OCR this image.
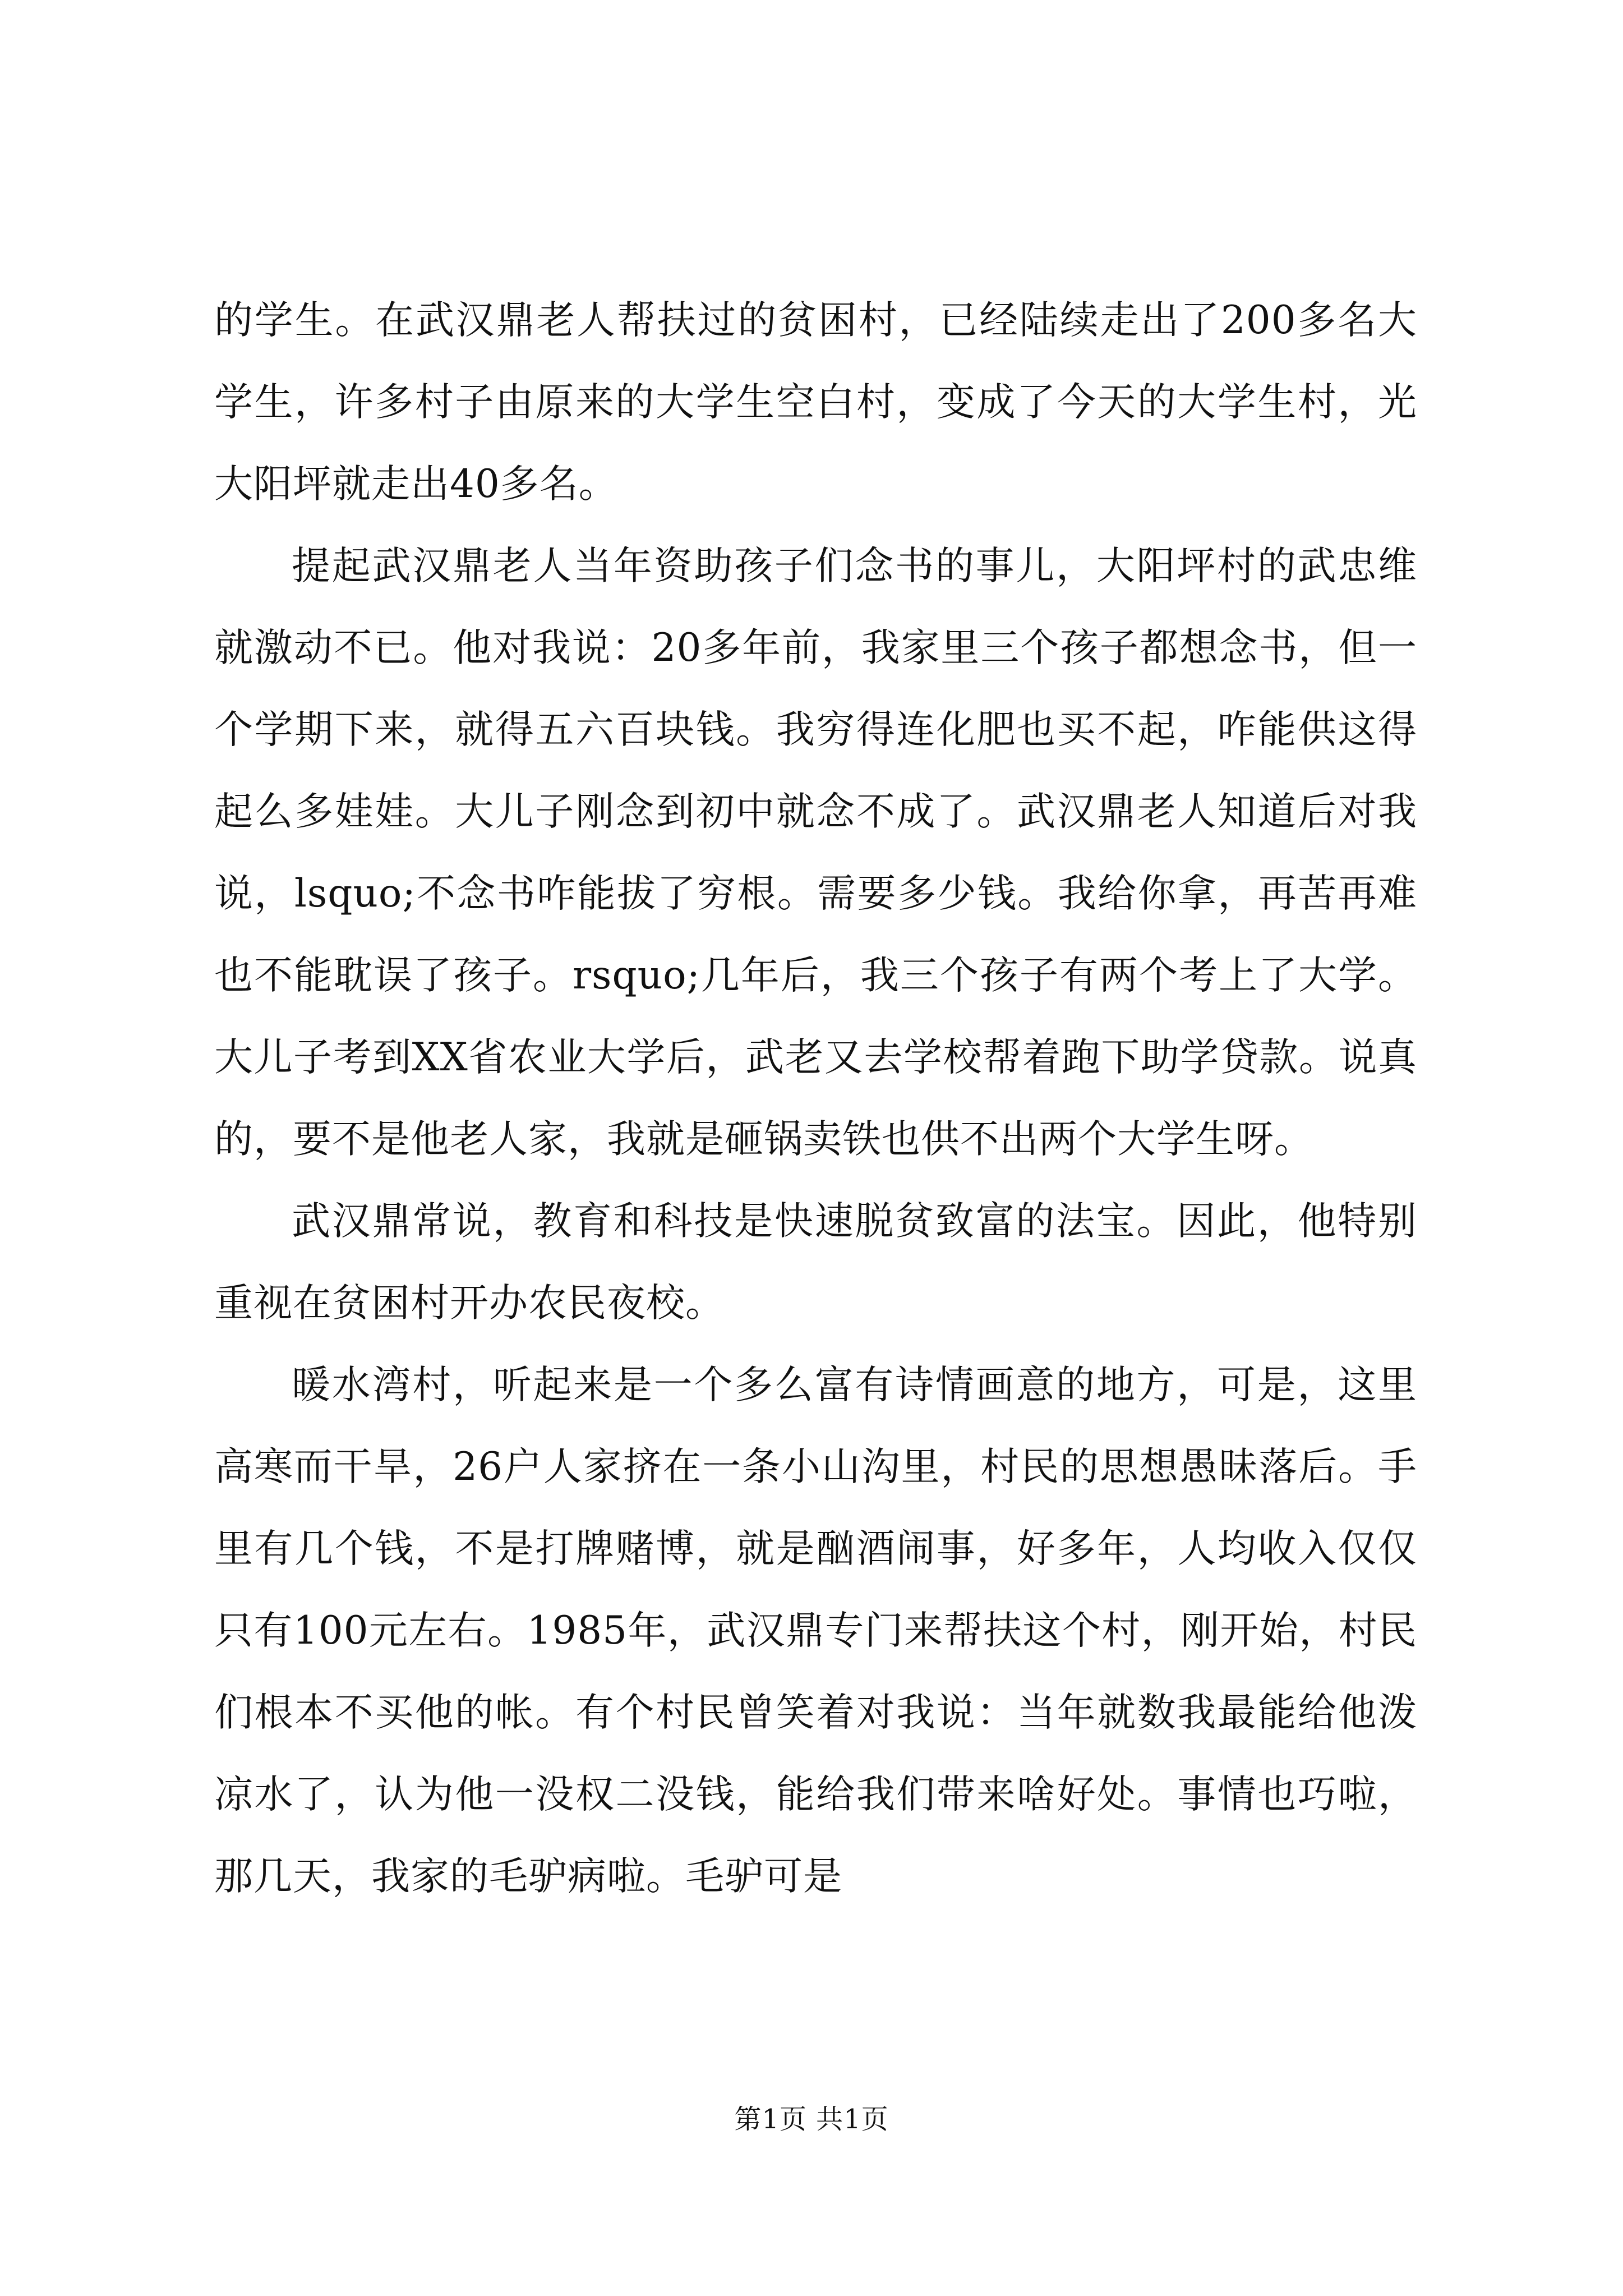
的学生。在武汉鼎老人帮扶过的贫困村，已经陆续走出了200多名大学生，许多村子由原来的大学生空白村，变成了今天的大学生村，光大阳坪就走出40多名。

提起武汉鼎老人当年资助孩子们念书的事儿，大阳坪村的武忠维就激动不已。他对我说：20多年前，我家里三个孩子都想念书，但一个学期下来，就得五六百块钱。我穷得连化肥也买不起，咋能供这得起么多娃娃。大儿子刚念到初中就念不成了。武汉鼎老人知道后对我说，lsquo;不念书咋能拔了穷根。需要多少钱。我给你拿，再苦再难也不能耽误了孩子。rsquo;几年后，我三个孩子有两个考上了大学。大儿子考到XX省农业大学后，武老又去学校帮着跑下助学贷款。说真的，要不是他老人家，我就是砸锅卖铁也供不出两个大学生呀。

武汉鼎常说，教育和科技是快速脱贫致富的法宝。因此，他特别重视在贫困村开办农民夜校。

暖水湾村，听起来是一个多么富有诗情画意的地方，可是，这里高寒而干旱，26户人家挤在一条小山沟里，村民的思想愚昧落后。手里有几个钱，不是打牌赌博，就是酗酒闹事，好多年，人均收入仅仅只有100元左右。1985年，武汉鼎专门来帮扶这个村，刚开始，村民们根本不买他的帐。有个村民曾笑着对我说：当年就数我最能给他泼凉水了，认为他一没权二没钱，能给我们带来啥好处。事情也巧啦，那几天，我家的毛驴病啦。毛驴可是

第1页 共1页
